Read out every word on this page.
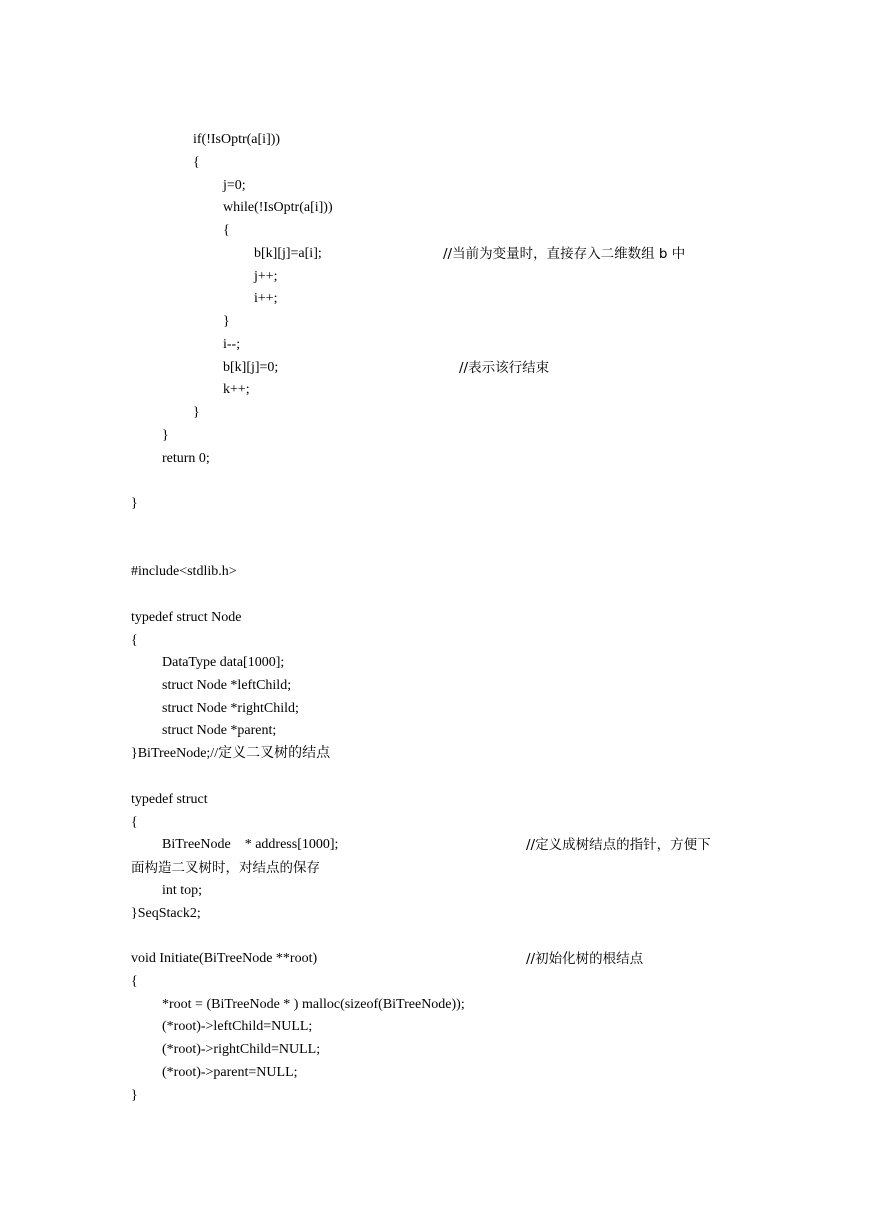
if(!IsOptr(a[i]))
{
j=0;
while(!IsOptr(a[i]))
{
b[k][j]=a[i];	//当前为变量时，直接存入二维数组 b 中
j++;
i++;
}
i--;
b[k][j]=0;	//表示该行结束
k++;
}
}
return 0;
}
#include<stdlib.h>
typedef struct Node
{
DataType data[1000];
struct Node *leftChild;
struct Node *rightChild;
struct Node *parent;
}BiTreeNode;//定义二叉树的结点
typedef struct
{
BiTreeNode    * address[1000];	//定义成树结点的指针，方便下
面构造二叉树时，对结点的保存
int top;
}SeqStack2;
void Initiate(BiTreeNode **root)	//初始化树的根结点
{
*root = (BiTreeNode * ) malloc(sizeof(BiTreeNode));
(*root)->leftChild=NULL;
(*root)->rightChild=NULL;
(*root)->parent=NULL;
}
